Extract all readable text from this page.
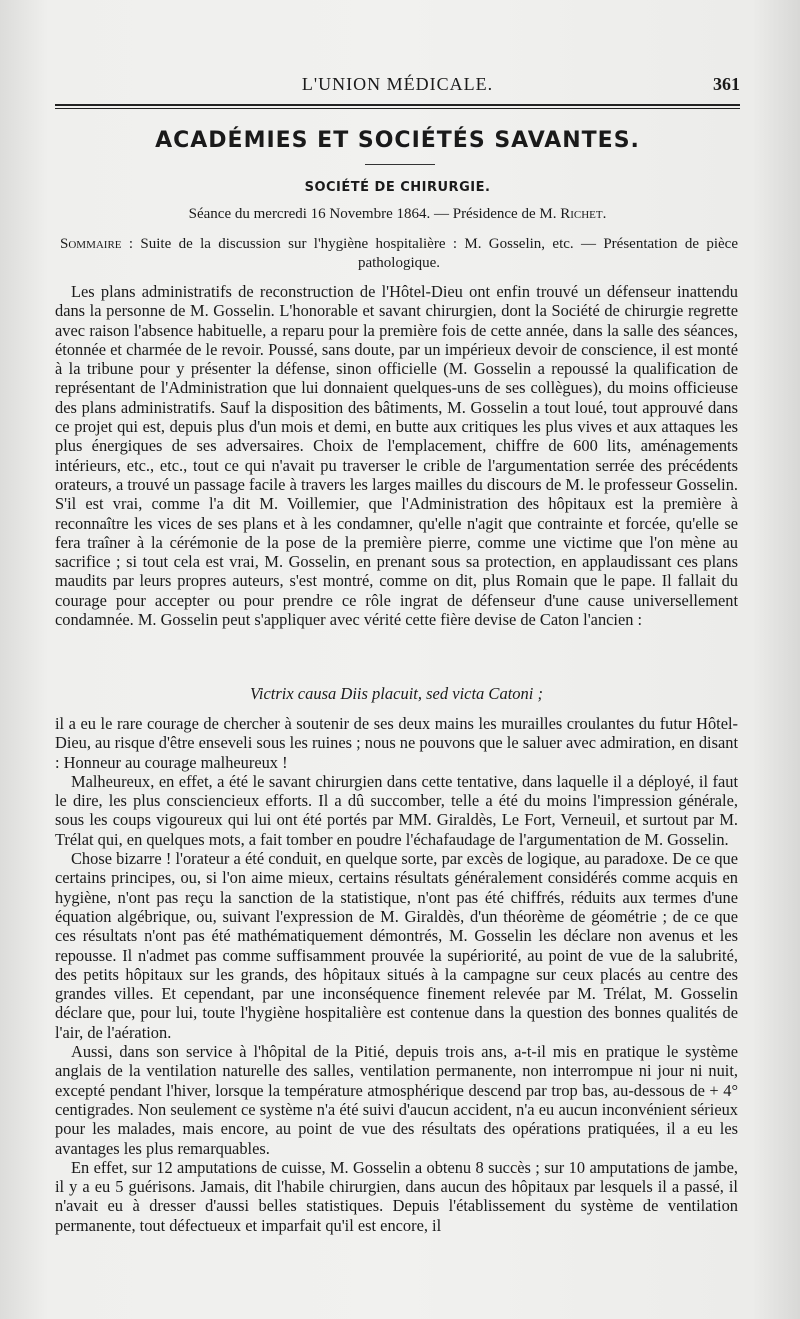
L'UNION MÉDICALE.	361
ACADÉMIES ET SOCIÉTÉS SAVANTES.
SOCIÉTÉ DE CHIRURGIE.
Séance du mercredi 16 Novembre 1864. — Présidence de M. Richet.
Sommaire : Suite de la discussion sur l'hygiène hospitalière : M. Gosselin, etc. — Présentation de pièce pathologique.

Les plans administratifs de reconstruction de l'Hôtel-Dieu ont enfin trouvé un défenseur inattendu dans la personne de M. Gosselin. L'honorable et savant chirurgien, dont la Société de chirurgie regrette avec raison l'absence habituelle, a reparu pour la première fois de cette année, dans la salle des séances, étonnée et charmée de le revoir. Poussé, sans doute, par un impérieux devoir de conscience, il est monté à la tribune pour y présenter la défense, sinon officielle (M. Gosselin a repoussé la qualification de représentant de l'Administration que lui donnaient quelques-uns de ses collègues), du moins officieuse des plans administratifs. Sauf la disposition des bâtiments, M. Gosselin a tout loué, tout approuvé dans ce projet qui est, depuis plus d'un mois et demi, en butte aux critiques les plus vives et aux attaques les plus énergiques de ses adversaires. Choix de l'emplacement, chiffre de 600 lits, aménagements intérieurs, etc., etc., tout ce qui n'avait pu traverser le crible de l'argumentation serrée des précédents orateurs, a trouvé un passage facile à travers les larges mailles du discours de M. le professeur Gosselin. S'il est vrai, comme l'a dit M. Voillemier, que l'Administration des hôpitaux est la première à reconnaître les vices de ses plans et à les condamner, qu'elle n'agit que contrainte et forcée, qu'elle se fera traîner à la cérémonie de la pose de la première pierre, comme une victime que l'on mène au sacrifice ; si tout cela est vrai, M. Gosselin, en prenant sous sa protection, en applaudissant ces plans maudits par leurs propres auteurs, s'est montré, comme on dit, plus Romain que le pape. Il fallait du courage pour accepter ou pour prendre ce rôle ingrat de défenseur d'une cause universellement condamnée. M. Gosselin peut s'appliquer avec vérité cette fière devise de Caton l'ancien :

Victrix causa Diis placuit, sed victa Catoni ;

il a eu le rare courage de chercher à soutenir de ses deux mains les murailles croulantes du futur Hôtel-Dieu, au risque d'être enseveli sous les ruines ; nous ne pouvons que le saluer avec admiration, en disant : Honneur au courage malheureux !

Malheureux, en effet, a été le savant chirurgien dans cette tentative, dans laquelle il a déployé, il faut le dire, les plus consciencieux efforts. Il a dû succomber, telle a été du moins l'impression générale, sous les coups vigoureux qui lui ont été portés par MM. Giraldès, Le Fort, Verneuil, et surtout par M. Trélat qui, en quelques mots, a fait tomber en poudre l'échafaudage de l'argumentation de M. Gosselin.

Chose bizarre ! l'orateur a été conduit, en quelque sorte, par excès de logique, au paradoxe. De ce que certains principes, ou, si l'on aime mieux, certains résultats généralement considérés comme acquis en hygiène, n'ont pas reçu la sanction de la statistique, n'ont pas été chiffrés, réduits aux termes d'une équation algébrique, ou, suivant l'expression de M. Giraldès, d'un théorème de géométrie ; de ce que ces résultats n'ont pas été mathématiquement démontrés, M. Gosselin les déclare non avenus et les repousse. Il n'admet pas comme suffisamment prouvée la supériorité, au point de vue de la salubrité, des petits hôpitaux sur les grands, des hôpitaux situés à la campagne sur ceux placés au centre des grandes villes. Et cependant, par une inconséquence finement relevée par M. Trélat, M. Gosselin déclare que, pour lui, toute l'hygiène hospitalière est contenue dans la question des bonnes qualités de l'air, de l'aération.

Aussi, dans son service à l'hôpital de la Pitié, depuis trois ans, a-t-il mis en pratique le système anglais de la ventilation naturelle des salles, ventilation permanente, non interrompue ni jour ni nuit, excepté pendant l'hiver, lorsque la température atmosphérique descend par trop bas, au-dessous de + 4° centigrades. Non seulement ce système n'a été suivi d'aucun accident, n'a eu aucun inconvénient sérieux pour les malades, mais encore, au point de vue des résultats des opérations pratiquées, il a eu les avantages les plus remarquables.

En effet, sur 12 amputations de cuisse, M. Gosselin a obtenu 8 succès ; sur 10 amputations de jambe, il y a eu 5 guérisons. Jamais, dit l'habile chirurgien, dans aucun des hôpitaux par lesquels il a passé, il n'avait eu à dresser d'aussi belles statistiques. Depuis l'établissement du système de ventilation permanente, tout défectueux et imparfait qu'il est encore, il
